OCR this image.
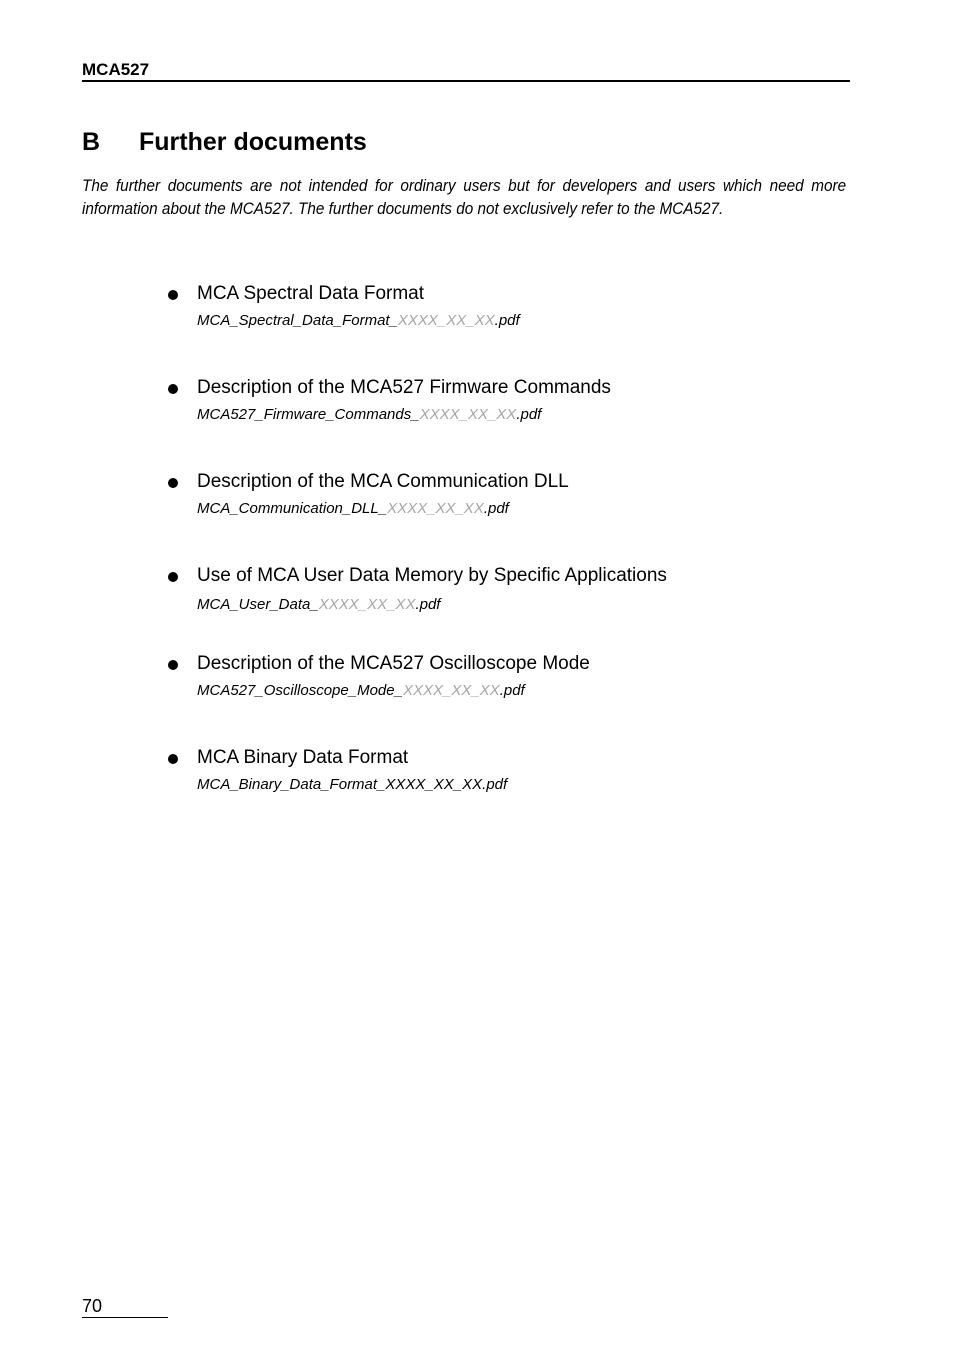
MCA527
B Further documents
The further documents are not intended for ordinary users but for developers and users which need more information about the MCA527. The further documents do not exclusively refer to the MCA527.
MCA Spectral Data Format
MCA_Spectral_Data_Format_XXXX_XX_XX.pdf
Description of the MCA527 Firmware Commands
MCA527_Firmware_Commands_XXXX_XX_XX.pdf
Description of the MCA Communication DLL
MCA_Communication_DLL_XXXX_XX_XX.pdf
Use of MCA User Data Memory by Specific Applications
MCA_User_Data_XXXX_XX_XX.pdf
Description of the MCA527 Oscilloscope Mode
MCA527_Oscilloscope_Mode_XXXX_XX_XX.pdf
MCA Binary Data Format
MCA_Binary_Data_Format_XXXX_XX_XX.pdf
70
